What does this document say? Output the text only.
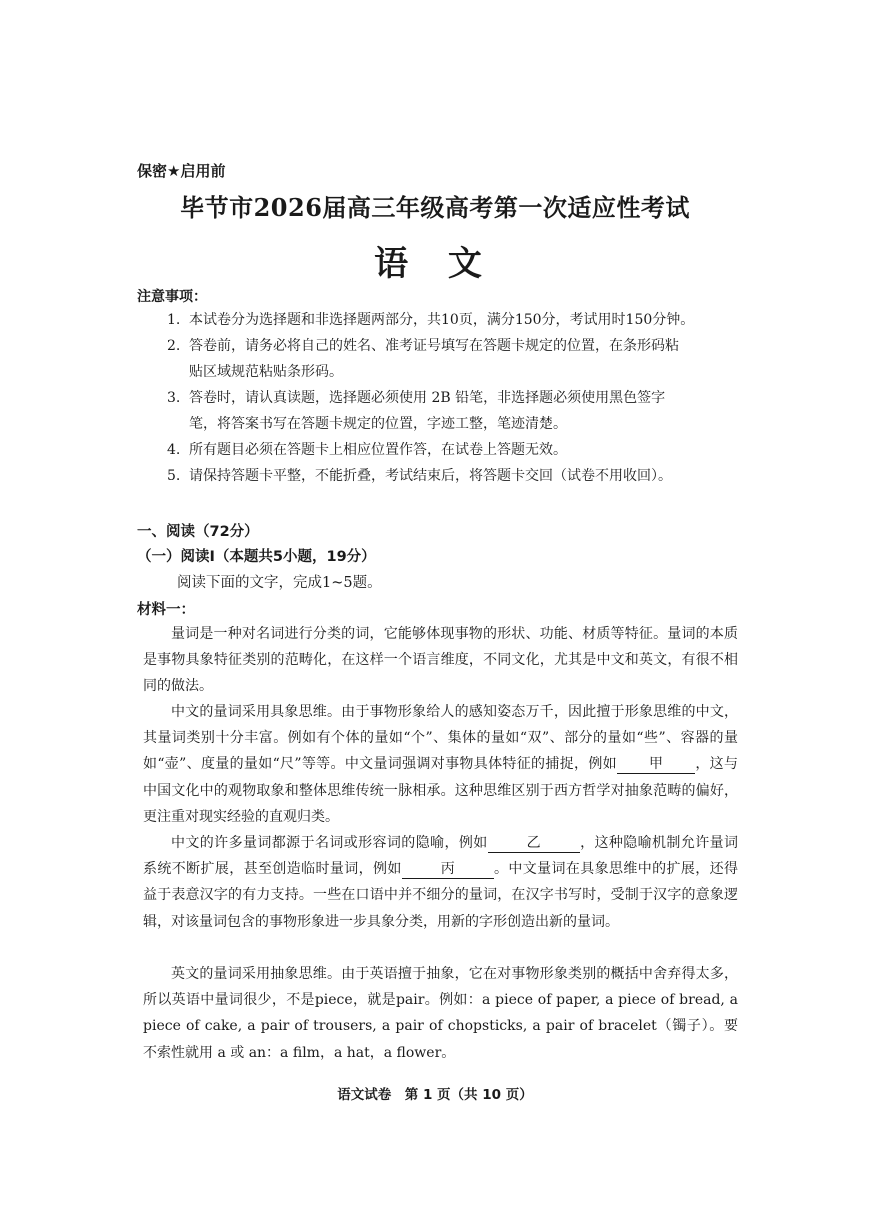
保密★启用前
毕节市2026届高三年级高考第一次适应性考试
语 文
注意事项：
1. 本试卷分为选择题和非选择题两部分，共10页，满分150分，考试用时150分钟。
2. 答卷前，请务必将自己的姓名、准考证号填写在答题卡规定的位置，在条形码粘
贴区域规范粘贴条形码。
3. 答卷时，请认真读题，选择题必须使用 2B 铅笔，非选择题必须使用黑色签字
笔，将答案书写在答题卡规定的位置，字迹工整，笔迹清楚。
4. 所有题目必须在答题卡上相应位置作答，在试卷上答题无效。
5. 请保持答题卡平整，不能折叠，考试结束后，将答题卡交回（试卷不用收回）。
一、阅读（72分）
（一）阅读Ⅰ（本题共5小题，19分）
阅读下面的文字，完成1~5题。
材料一：
量词是一种对名词进行分类的词，它能够体现事物的形状、功能、材质等特征。量词的本质是事物具象特征类别的范畴化，在这样一个语言维度，不同文化，尤其是中文和英文，有很不相同的做法。
中文的量词采用具象思维。由于事物形象给人的感知姿态万千，因此擅于形象思维的中文，其量词类别十分丰富。例如有个体的量如“个”、集体的量如“双”、部分的量如“些”、容器的量如“壶”、度量的量如“尺”等等。中文量词强调对事物具体特征的捕捉，例如 甲 ，这与中国文化中的观物取象和整体思维传统一脉相承。这种思维区别于西方哲学对抽象范畴的偏好，更注重对现实经验的直观归类。
中文的许多量词都源于名词或形容词的隐喻，例如	乙	，这种隐喻机制允许量词系统不断扩展，甚至创造临时量词，例如	丙	。中文量词在具象思维中的扩展，还得益于表意汉字的有力支持。一些在口语中并不细分的量词，在汉字书写时，受制于汉字的意象逻辑，对该量词包含的事物形象进一步具象分类，用新的字形创造出新的量词。
英文的量词采用抽象思维。由于英语擅于抽象，它在对事物形象类别的概括中舍弃得太多，所以英语中量词很少，不是piece，就是pair。例如：a piece of paper, a piece of bread, a piece of cake, a pair of trousers, a pair of chopsticks, a pair of bracelet（镯子）。要不索性就用 a 或 an：a film，a hat，a flower。
语文试卷　第 1 页（共 10 页）
